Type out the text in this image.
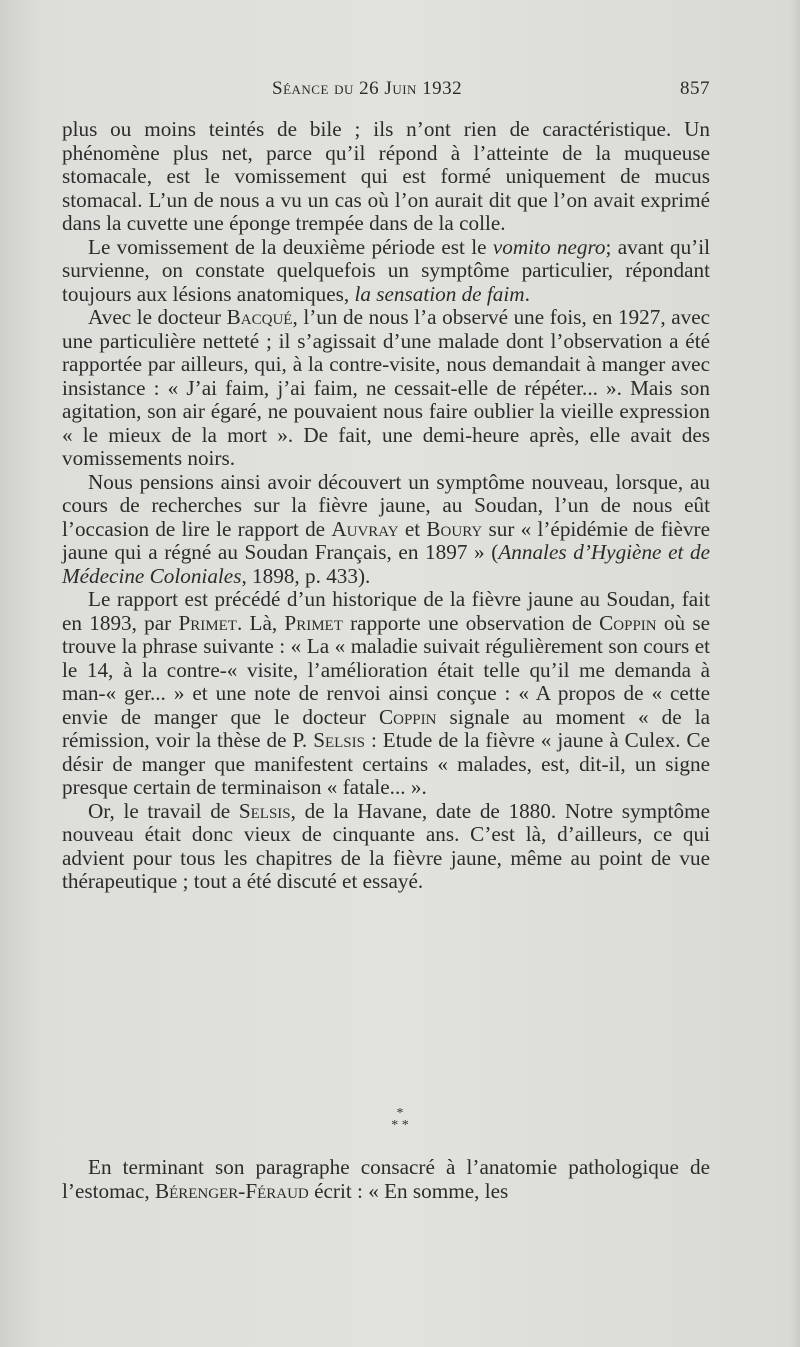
Séance du 26 Juin 1932	857

plus ou moins teintés de bile ; ils n’ont rien de caractéristique. Un phénomène plus net, parce qu’il répond à l’atteinte de la muqueuse stomacale, est le vomissement qui est formé uniquement de mucus stomacal. L’un de nous a vu un cas où l’on aurait dit que l’on avait exprimé dans la cuvette une éponge trempée dans de la colle.

Le vomissement de la deuxième période est le vomito negro; avant qu’il survienne, on constate quelquefois un symptôme particulier, répondant toujours aux lésions anatomiques, la sensation de faim.

Avec le docteur Bacqué, l’un de nous l’a observé une fois, en 1927, avec une particulière netteté ; il s’agissait d’une malade dont l’observation a été rapportée par ailleurs, qui, à la contre-visite, nous demandait à manger avec insistance : « J’ai faim, j’ai faim, ne cessait-elle de répéter... ». Mais son agitation, son air égaré, ne pouvaient nous faire oublier la vieille expression « le mieux de la mort ». De fait, une demi-heure après, elle avait des vomissements noirs.

Nous pensions ainsi avoir découvert un symptôme nouveau, lorsque, au cours de recherches sur la fièvre jaune, au Soudan, l’un de nous eût l’occasion de lire le rapport de Auvray et Boury sur « l’épidémie de fièvre jaune qui a régné au Soudan Français, en 1897 » (Annales d’Hygiène et de Médecine Coloniales, 1898, p. 433).

Le rapport est précédé d’un historique de la fièvre jaune au Soudan, fait en 1893, par Primet. Là, Primet rapporte une observation de Coppin où se trouve la phrase suivante : « La « maladie suivait régulièrement son cours et le 14, à la contre-« visite, l’amélioration était telle qu’il me demanda à man-« ger... » et une note de renvoi ainsi conçue : « A propos de « cette envie de manger que le docteur Coppin signale au moment « de la rémission, voir la thèse de P. Selsis : Etude de la fièvre « jaune à Culex. Ce désir de manger que manifestent certains « malades, est, dit-il, un signe presque certain de terminaison « fatale... ».

Or, le travail de Selsis, de la Havane, date de 1880. Notre symptôme nouveau était donc vieux de cinquante ans. C’est là, d’ailleurs, ce qui advient pour tous les chapitres de la fièvre jaune, même au point de vue thérapeutique ; tout a été discuté et essayé.

*
* *

En terminant son paragraphe consacré à l’anatomie pathologique de l’estomac, Bérenger-Féraud écrit : « En somme, les
